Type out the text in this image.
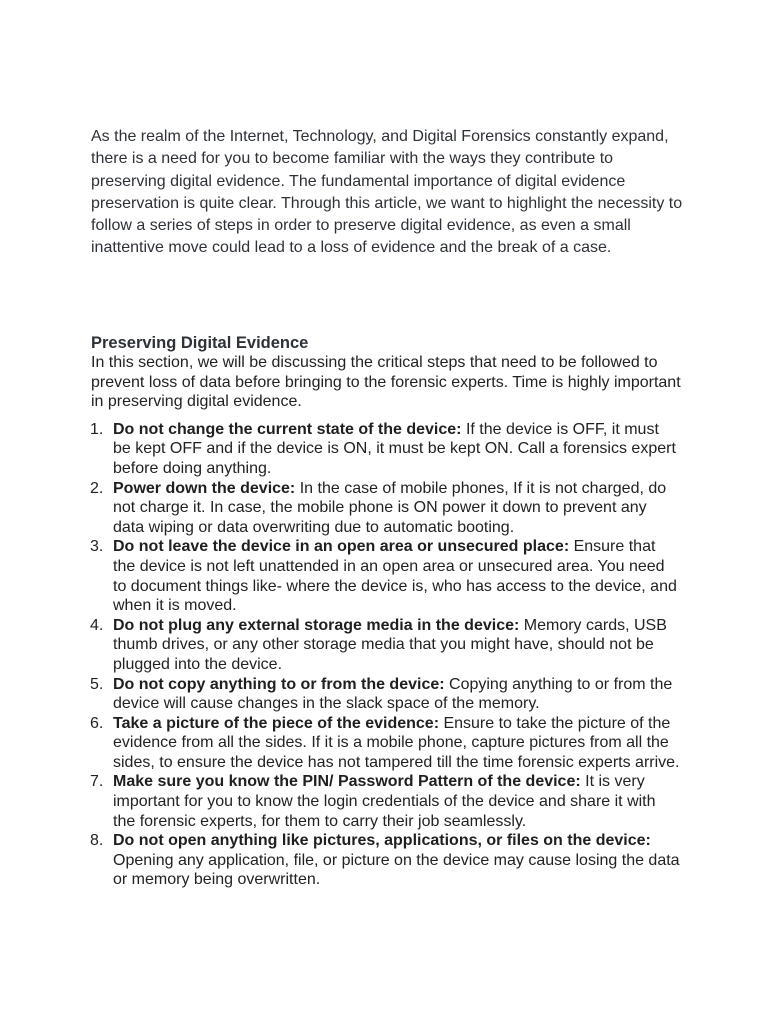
As the realm of the Internet, Technology, and Digital Forensics constantly expand, there is a need for you to become familiar with the ways they contribute to preserving digital evidence. The fundamental importance of digital evidence preservation is quite clear. Through this article, we want to highlight the necessity to follow a series of steps in order to preserve digital evidence, as even a small inattentive move could lead to a loss of evidence and the break of a case.

Preserving Digital Evidence

In this section, we will be discussing the critical steps that need to be followed to prevent loss of data before bringing to the forensic experts. Time is highly important in preserving digital evidence.

1. Do not change the current state of the device: If the device is OFF, it must be kept OFF and if the device is ON, it must be kept ON. Call a forensics expert before doing anything.
2. Power down the device: In the case of mobile phones, If it is not charged, do not charge it. In case, the mobile phone is ON power it down to prevent any data wiping or data overwriting due to automatic booting.
3. Do not leave the device in an open area or unsecured place: Ensure that the device is not left unattended in an open area or unsecured area. You need to document things like- where the device is, who has access to the device, and when it is moved.
4. Do not plug any external storage media in the device: Memory cards, USB thumb drives, or any other storage media that you might have, should not be plugged into the device.
5. Do not copy anything to or from the device: Copying anything to or from the device will cause changes in the slack space of the memory.
6. Take a picture of the piece of the evidence: Ensure to take the picture of the evidence from all the sides. If it is a mobile phone, capture pictures from all the sides, to ensure the device has not tampered till the time forensic experts arrive.
7. Make sure you know the PIN/ Password Pattern of the device: It is very important for you to know the login credentials of the device and share it with the forensic experts, for them to carry their job seamlessly.
8. Do not open anything like pictures, applications, or files on the device: Opening any application, file, or picture on the device may cause losing the data or memory being overwritten.
